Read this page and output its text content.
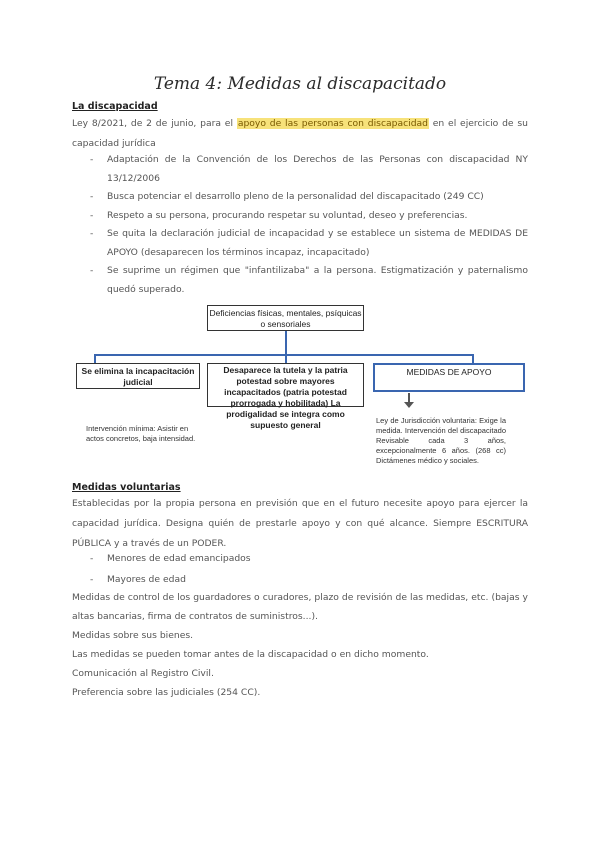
Tema 4: Medidas al discapacitado
La discapacidad
Ley 8/2021, de 2 de junio, para el apoyo de las personas con discapacidad en el ejercicio de su capacidad jurídica
- Adaptación de la Convención de los Derechos de las Personas con discapacidad NY 13/12/2006
- Busca potenciar el desarrollo pleno de la personalidad del discapacitado (249 CC)
- Respeto a su persona, procurando respetar su voluntad, deseo y preferencias.
- Se quita la declaración judicial de incapacidad y se establece un sistema de MEDIDAS DE APOYO (desaparecen los términos incapaz, incapacitado)
- Se suprime un régimen que "infantilizaba" a la persona. Estigmatización y paternalismo quedó superado.
Deficiencias físicas, mentales, psíquicas o sensoriales
Se elimina la incapacitación judicial
Desaparece la tutela y la patria potestad sobre mayores incapacitados (patria potestad prorrogada y hobilitada) La prodigalidad se integra como supuesto general
MEDIDAS DE APOYO
Intervención mínima: Asistir en actos concretos, baja intensidad.
Ley de Jurisdicción voluntaria: Exige la medida. Intervención del discapacitado Revisable cada 3 años, excepcionalmente 6 años. (268 cc) Dictámenes médico y sociales.
Medidas voluntarias
Establecidas por la propia persona en previsión que en el futuro necesite apoyo para ejercer la capacidad jurídica. Designa quién de prestarle apoyo y con qué alcance. Siempre ESCRITURA PÚBLICA y a través de un PODER.
- Menores de edad emancipados
- Mayores de edad
Medidas de control de los guardadores o curadores, plazo de revisión de las medidas, etc. (bajas y altas bancarias, firma de contratos de suministros...).
Medidas sobre sus bienes.
Las medidas se pueden tomar antes de la discapacidad o en dicho momento.
Comunicación al Registro Civil.
Preferencia sobre las judiciales (254 CC).
